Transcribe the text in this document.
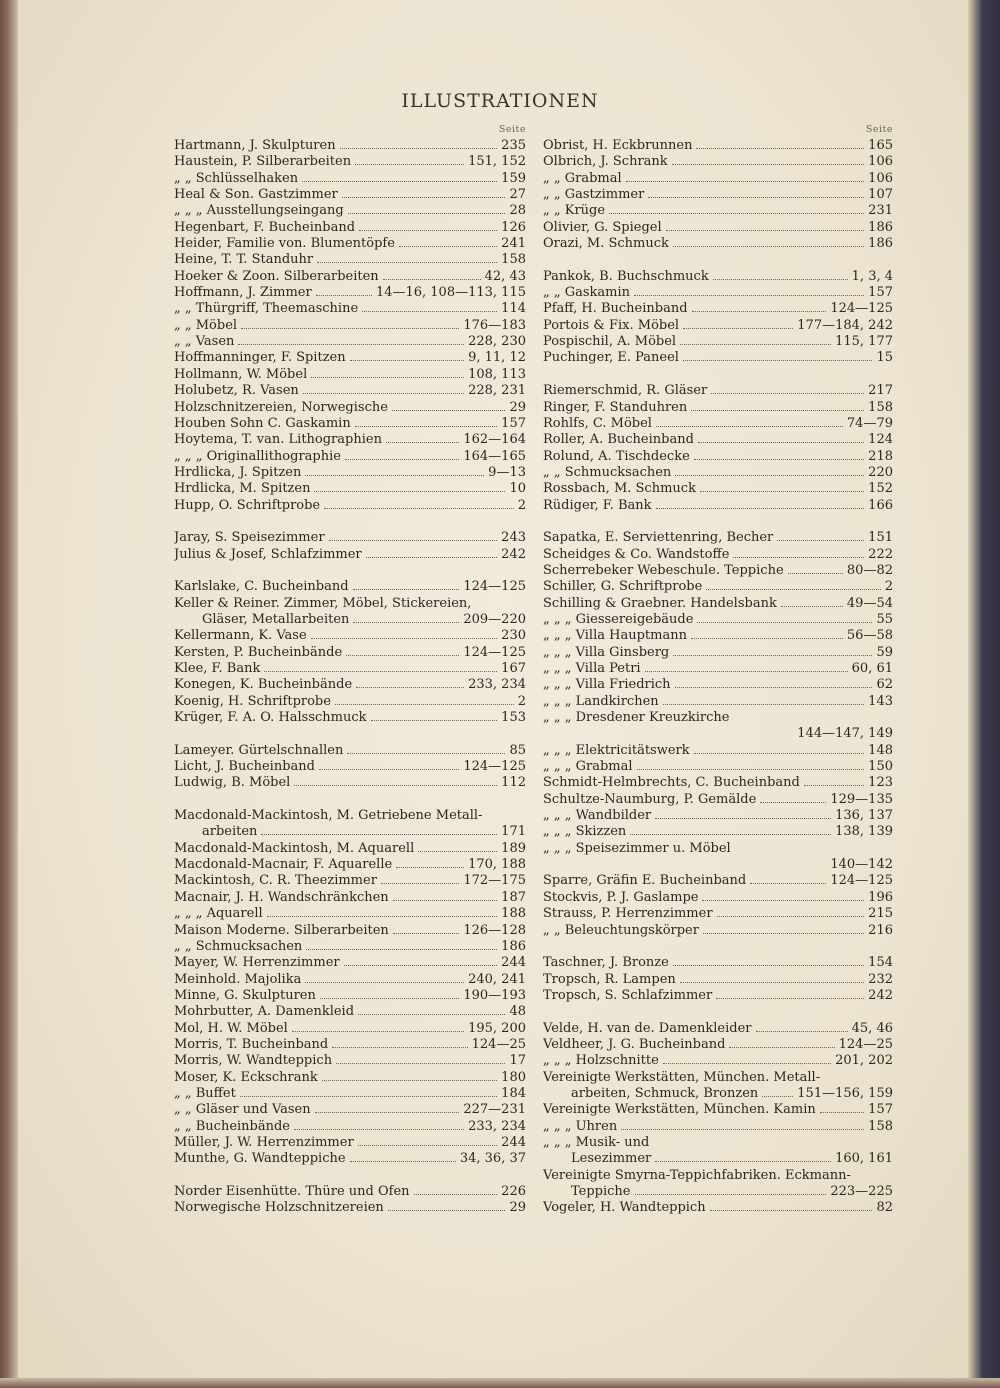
ILLUSTRATIONEN
Seite
Hartmann, J. Skulpturen	235
Haustein, P. Silberarbeiten	151, 152
„ „ Schlüsselhaken	159
Heal & Son. Gastzimmer	27
„ „ „ Ausstellungseingang	28
Hegenbart, F. Bucheinband	126
Heider, Familie von. Blumentöpfe	241
Heine, T. T. Standuhr	158
Hoeker & Zoon. Silberarbeiten	42, 43
Hoffmann, J. Zimmer	14—16, 108—113, 115
„ „ Thürgriff, Theemaschine	114
„ „ Möbel	176—183
„ „ Vasen	228, 230
Hoffmanninger, F. Spitzen	9, 11, 12
Hollmann, W. Möbel	108, 113
Holubetz, R. Vasen	228, 231
Holzschnitzereien, Norwegische	29
Houben Sohn C. Gaskamin	157
Hoytema, T. van. Lithographien	162—164
„ „ „ Originallithographie	164—165
Hrdlicka, J. Spitzen	9—13
Hrdlicka, M. Spitzen	10
Hupp, O. Schriftprobe	2
Jaray, S. Speisezimmer	243
Julius & Josef, Schlafzimmer	242
Karlslake, C. Bucheinband	124—125
Keller & Reiner. Zimmer, Möbel, Stickereien,
Gläser, Metallarbeiten	209—220
Kellermann, K. Vase	230
Kersten, P. Bucheinbände	124—125
Klee, F. Bank	167
Konegen, K. Bucheinbände	233, 234
Koenig, H. Schriftprobe	2
Krüger, F. A. O. Halsschmuck	153
Lameyer. Gürtelschnallen	85
Licht, J. Bucheinband	124—125
Ludwig, B. Möbel	112
Macdonald-Mackintosh, M. Getriebene Metall-
arbeiten	171
Macdonald-Mackintosh, M. Aquarell	189
Macdonald-Macnair, F. Aquarelle	170, 188
Mackintosh, C. R. Theezimmer	172—175
Macnair, J. H. Wandschränkchen	187
„ „ „ Aquarell	188
Maison Moderne. Silberarbeiten	126—128
„ „ Schmucksachen	186
Mayer, W. Herrenzimmer	244
Meinhold. Majolika	240, 241
Minne, G. Skulpturen	190—193
Mohrbutter, A. Damenkleid	48
Mol, H. W. Möbel	195, 200
Morris, T. Bucheinband	124—25
Morris, W. Wandteppich	17
Moser, K. Eckschrank	180
„ „ Buffet	184
„ „ Gläser und Vasen	227—231
„ „ Bucheinbände	233, 234
Müller, J. W. Herrenzimmer	244
Munthe, G. Wandteppiche	34, 36, 37
Norder Eisenhütte. Thüre und Ofen	226
Norwegische Holzschnitzereien	29
Seite
Obrist, H. Eckbrunnen	165
Olbrich, J. Schrank	106
„ „ Grabmal	106
„ „ Gastzimmer	107
„ „ Krüge	231
Olivier, G. Spiegel	186
Orazi, M. Schmuck	186
Pankok, B. Buchschmuck	1, 3, 4
„ „ Gaskamin	157
Pfaff, H. Bucheinband	124—125
Portois & Fix. Möbel	177—184, 242
Pospischil, A. Möbel	115, 177
Puchinger, E. Paneel	15
Riemerschmid, R. Gläser	217
Ringer, F. Standuhren	158
Rohlfs, C. Möbel	74—79
Roller, A. Bucheinband	124
Rolund, A. Tischdecke	218
„ „ Schmucksachen	220
Rossbach, M. Schmuck	152
Rüdiger, F. Bank	166
Sapatka, E. Serviettenring, Becher	151
Scheidges & Co. Wandstoffe	222
Scherrebeker Webeschule. Teppiche	80—82
Schiller, G. Schriftprobe	2
Schilling & Graebner. Handelsbank	49—54
„ „ „ Giessereigebäude	55
„ „ „ Villa Hauptmann	56—58
„ „ „ Villa Ginsberg	59
„ „ „ Villa Petri	60, 61
„ „ „ Villa Friedrich	62
„ „ „ Landkirchen	143
„ „ „ Dresdener Kreuzkirche
144—147, 149
„ „ „ Elektricitätswerk	148
„ „ „ Grabmal	150
Schmidt-Helmbrechts, C. Bucheinband	123
Schultze-Naumburg, P. Gemälde	129—135
„ „ „ Wandbilder	136, 137
„ „ „ Skizzen	138, 139
„ „ „ Speisezimmer u. Möbel
140—142
Sparre, Gräfin E. Bucheinband	124—125
Stockvis, P. J. Gaslampe	196
Strauss, P. Herrenzimmer	215
„ „ Beleuchtungskörper	216
Taschner, J. Bronze	154
Tropsch, R. Lampen	232
Tropsch, S. Schlafzimmer	242
Velde, H. van de. Damenkleider	45, 46
Veldheer, J. G. Bucheinband	124—25
„ „ „ Holzschnitte	201, 202
Vereinigte Werkstätten, München. Metall-
arbeiten, Schmuck, Bronzen	151—156, 159
Vereinigte Werkstätten, München. Kamin	157
„ „ „ Uhren	158
„ „ „ Musik- und
Lesezimmer	160, 161
Vereinigte Smyrna-Teppichfabriken. Eckmann-
Teppiche	223—225
Vogeler, H. Wandteppich	82
